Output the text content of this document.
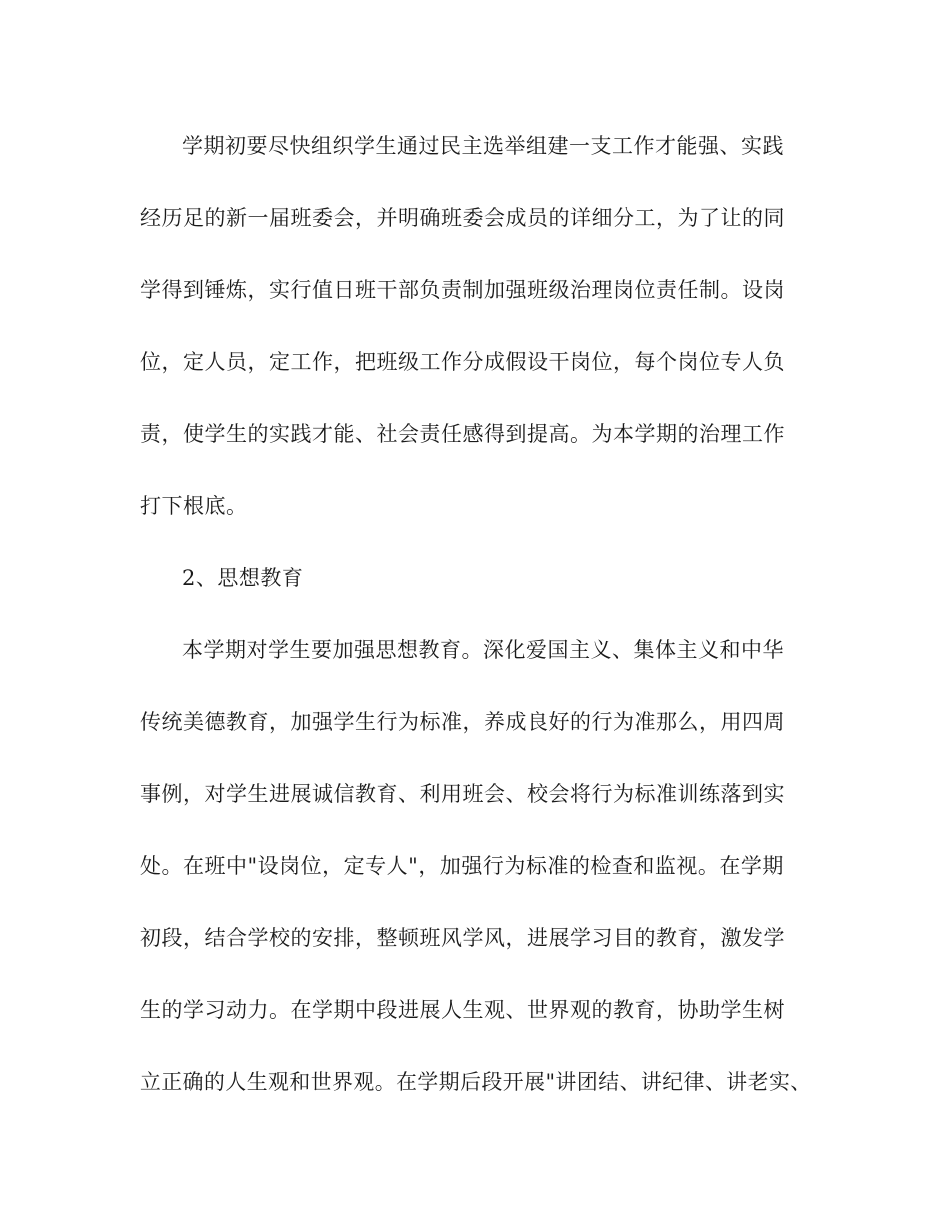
学期初要尽快组织学生通过民主选举组建一支工作才能强、实践
经历足的新一届班委会，并明确班委会成员的详细分工，为了让的同
学得到锤炼，实行值日班干部负责制加强班级治理岗位责任制。设岗
位，定人员，定工作，把班级工作分成假设干岗位，每个岗位专人负
责，使学生的实践才能、社会责任感得到提高。为本学期的治理工作
打下根底。
2、思想教育
本学期对学生要加强思想教育。深化爱国主义、集体主义和中华
传统美德教育，加强学生行为标准，养成良好的行为准那么，用四周
事例，对学生进展诚信教育、利用班会、校会将行为标准训练落到实
处。在班中"设岗位，定专人"，加强行为标准的检查和监视。在学期
初段，结合学校的安排，整顿班风学风，进展学习目的教育，激发学
生的学习动力。在学期中段进展人生观、世界观的教育，协助学生树
立正确的人生观和世界观。在学期后段开展"讲团结、讲纪律、讲老实、
